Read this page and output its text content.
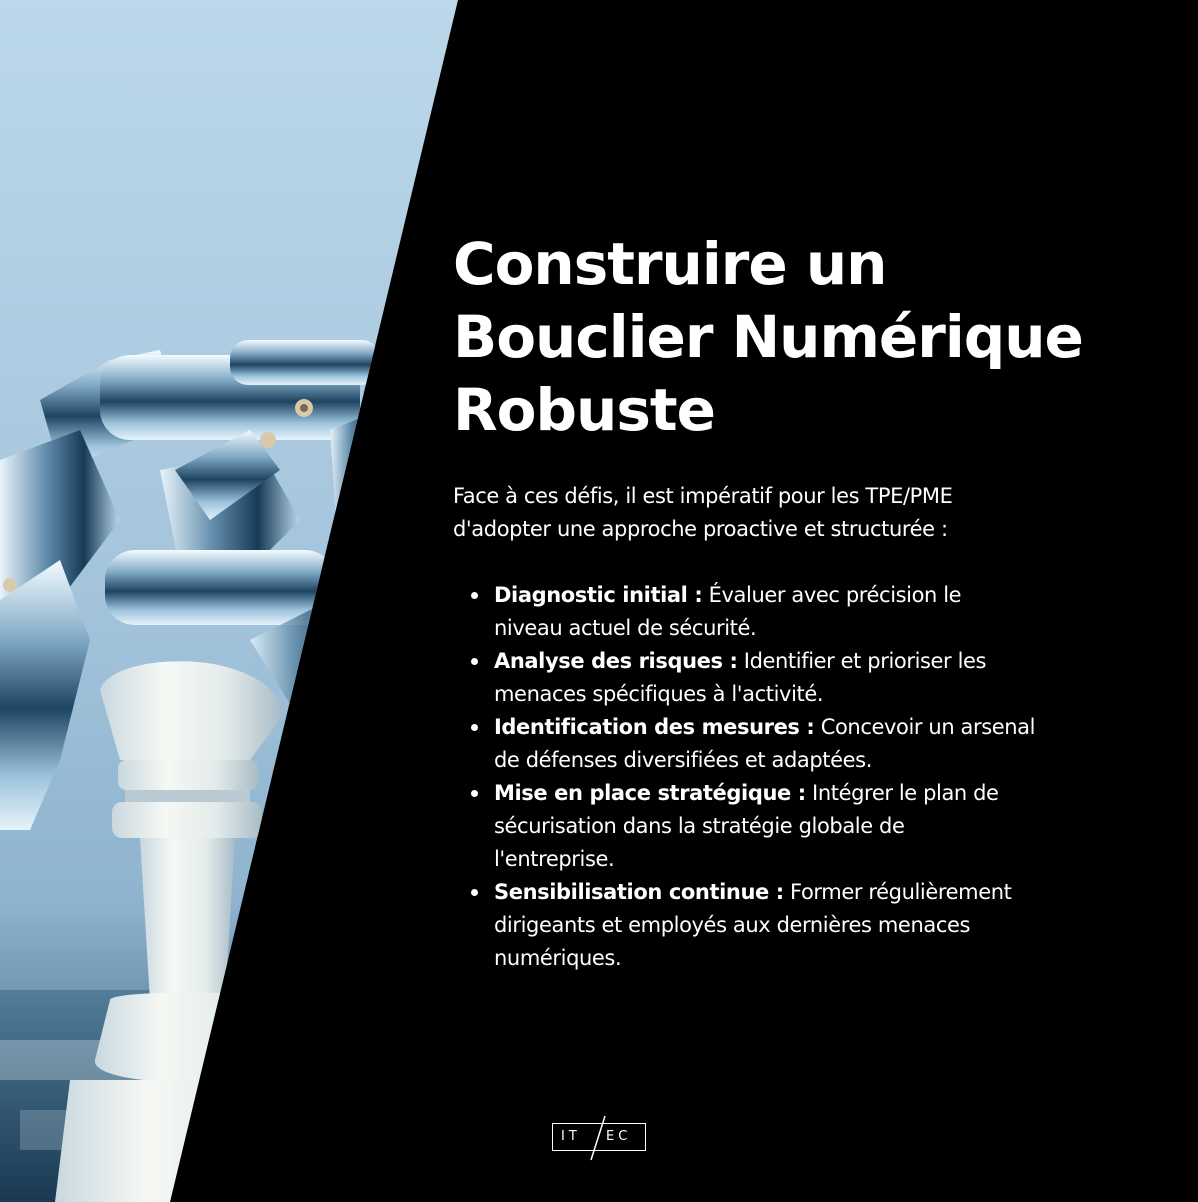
Construire un
Bouclier Numérique
Robuste

Face à ces défis, il est impératif pour les TPE/PME
d'adopter une approche proactive et structurée :

Diagnostic initial : Évaluer avec précision le
niveau actuel de sécurité.
Analyse des risques : Identifier et prioriser les
menaces spécifiques à l'activité.
Identification des mesures : Concevoir un arsenal
de défenses diversifiées et adaptées.
Mise en place stratégique : Intégrer le plan de
sécurisation dans la stratégie globale de
l'entreprise.
Sensibilisation continue : Former régulièrement
dirigeants et employés aux dernières menaces
numériques.
IT EC
